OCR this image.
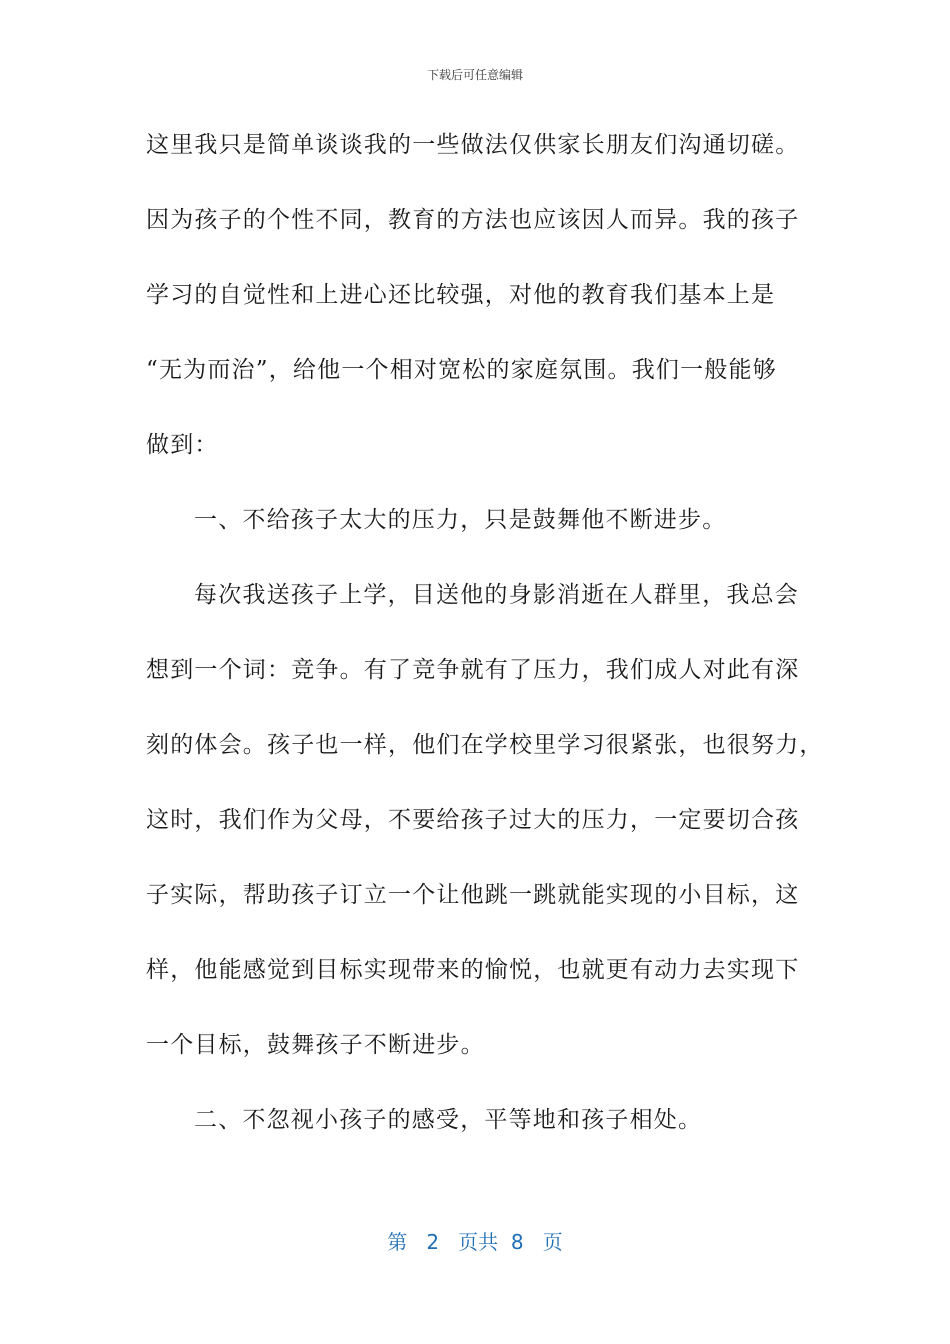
下载后可任意编辑
这里我只是简单谈谈我的一些做法仅供家长朋友们沟通切磋。
因为孩子的个性不同，教育的方法也应该因人而异。我的孩子
学习的自觉性和上进心还比较强，对他的教育我们基本上是
“无为而治”，给他一个相对宽松的家庭氛围。我们一般能够
做到：
一、不给孩子太大的压力，只是鼓舞他不断进步。
每次我送孩子上学，目送他的身影消逝在人群里，我总会
想到一个词：竞争。有了竞争就有了压力，我们成人对此有深
刻的体会。孩子也一样，他们在学校里学习很紧张，也很努力，
这时，我们作为父母，不要给孩子过大的压力，一定要切合孩
子实际，帮助孩子订立一个让他跳一跳就能实现的小目标，这
样，他能感觉到目标实现带来的愉悦，也就更有动力去实现下
一个目标，鼓舞孩子不断进步。
二、不忽视小孩子的感受，平等地和孩子相处。
第 2 页共 8 页
